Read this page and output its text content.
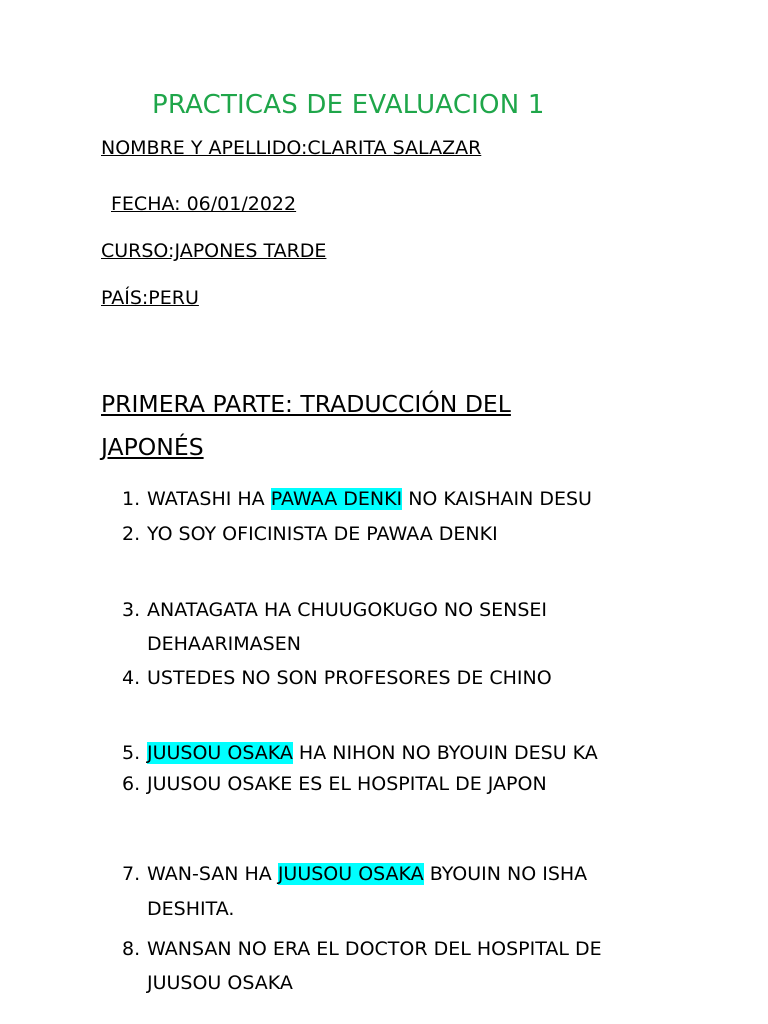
PRACTICAS DE EVALUACION 1
NOMBRE Y APELLIDO:CLARITA SALAZAR
FECHA: 06/01/2022
CURSO:JAPONES TARDE
PAÍS:PERU
PRIMERA PARTE: TRADUCCIÓN DEL
JAPONÉS
1. WATASHI HA PAWAA DENKI NO KAISHAIN DESU
2. YO SOY OFICINISTA DE PAWAA DENKI
3. ANATAGATA HA CHUUGOKUGO NO SENSEI
DEHAARIMASEN
4. USTEDES NO SON PROFESORES DE CHINO
5. JUUSOU OSAKA HA NIHON NO BYOUIN DESU KA
6. JUUSOU OSAKE ES EL HOSPITAL DE JAPON
7. WAN-SAN HA JUUSOU OSAKA BYOUIN NO ISHA
DESHITA.
8. WANSAN NO ERA EL DOCTOR DEL HOSPITAL DE
JUUSOU OSAKA
